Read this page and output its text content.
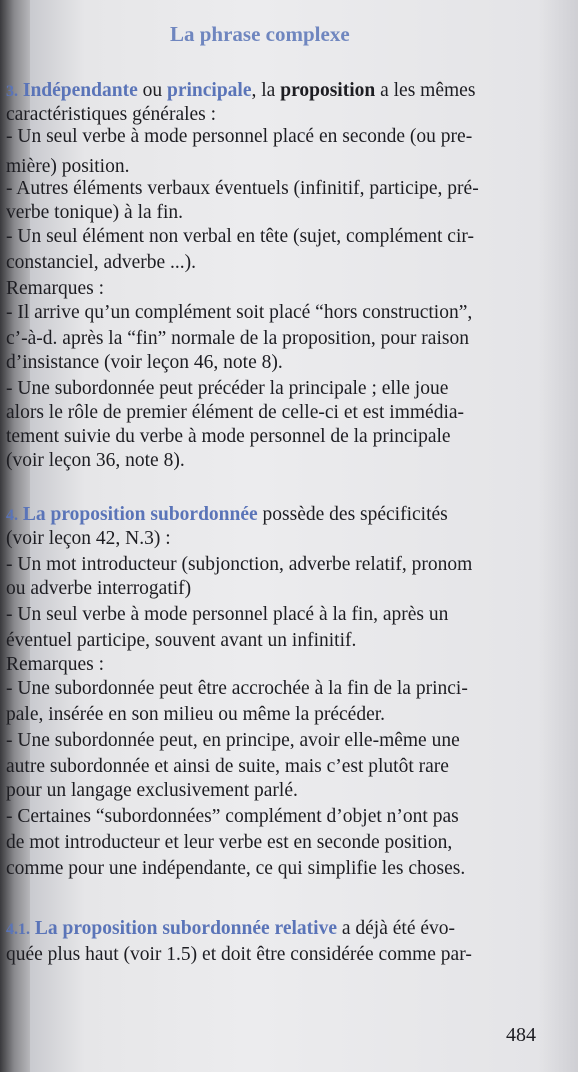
La phrase complexe
3. Indépendante ou principale, la proposition a les mêmes
caractéristiques générales :
- Un seul verbe à mode personnel placé en seconde (ou pre-
mière) position.
- Autres éléments verbaux éventuels (infinitif, participe, pré-
verbe tonique) à la fin.
- Un seul élément non verbal en tête (sujet, complément cir-
constanciel, adverbe ...).
Remarques :
- Il arrive qu’un complément soit placé “hors construction”,
c’-à-d. après la “fin” normale de la proposition, pour raison
d’insistance (voir leçon 46, note 8).
- Une subordonnée peut précéder la principale ; elle joue
alors le rôle de premier élément de celle-ci et est immédia-
tement suivie du verbe à mode personnel de la principale
(voir leçon 36, note 8).
4. La proposition subordonnée possède des spécificités
(voir leçon 42, N.3) :
- Un mot introducteur (subjonction, adverbe relatif, pronom
ou adverbe interrogatif)
- Un seul verbe à mode personnel placé à la fin, après un
éventuel participe, souvent avant un infinitif.
Remarques :
- Une subordonnée peut être accrochée à la fin de la princi-
pale, insérée en son milieu ou même la précéder.
- Une subordonnée peut, en principe, avoir elle-même une
autre subordonnée et ainsi de suite, mais c’est plutôt rare
pour un langage exclusivement parlé.
- Certaines “subordonnées” complément d’objet n’ont pas
de mot introducteur et leur verbe est en seconde position,
comme pour une indépendante, ce qui simplifie les choses.
4.1. La proposition subordonnée relative a déjà été évo-
quée plus haut (voir 1.5) et doit être considérée comme par-
484
